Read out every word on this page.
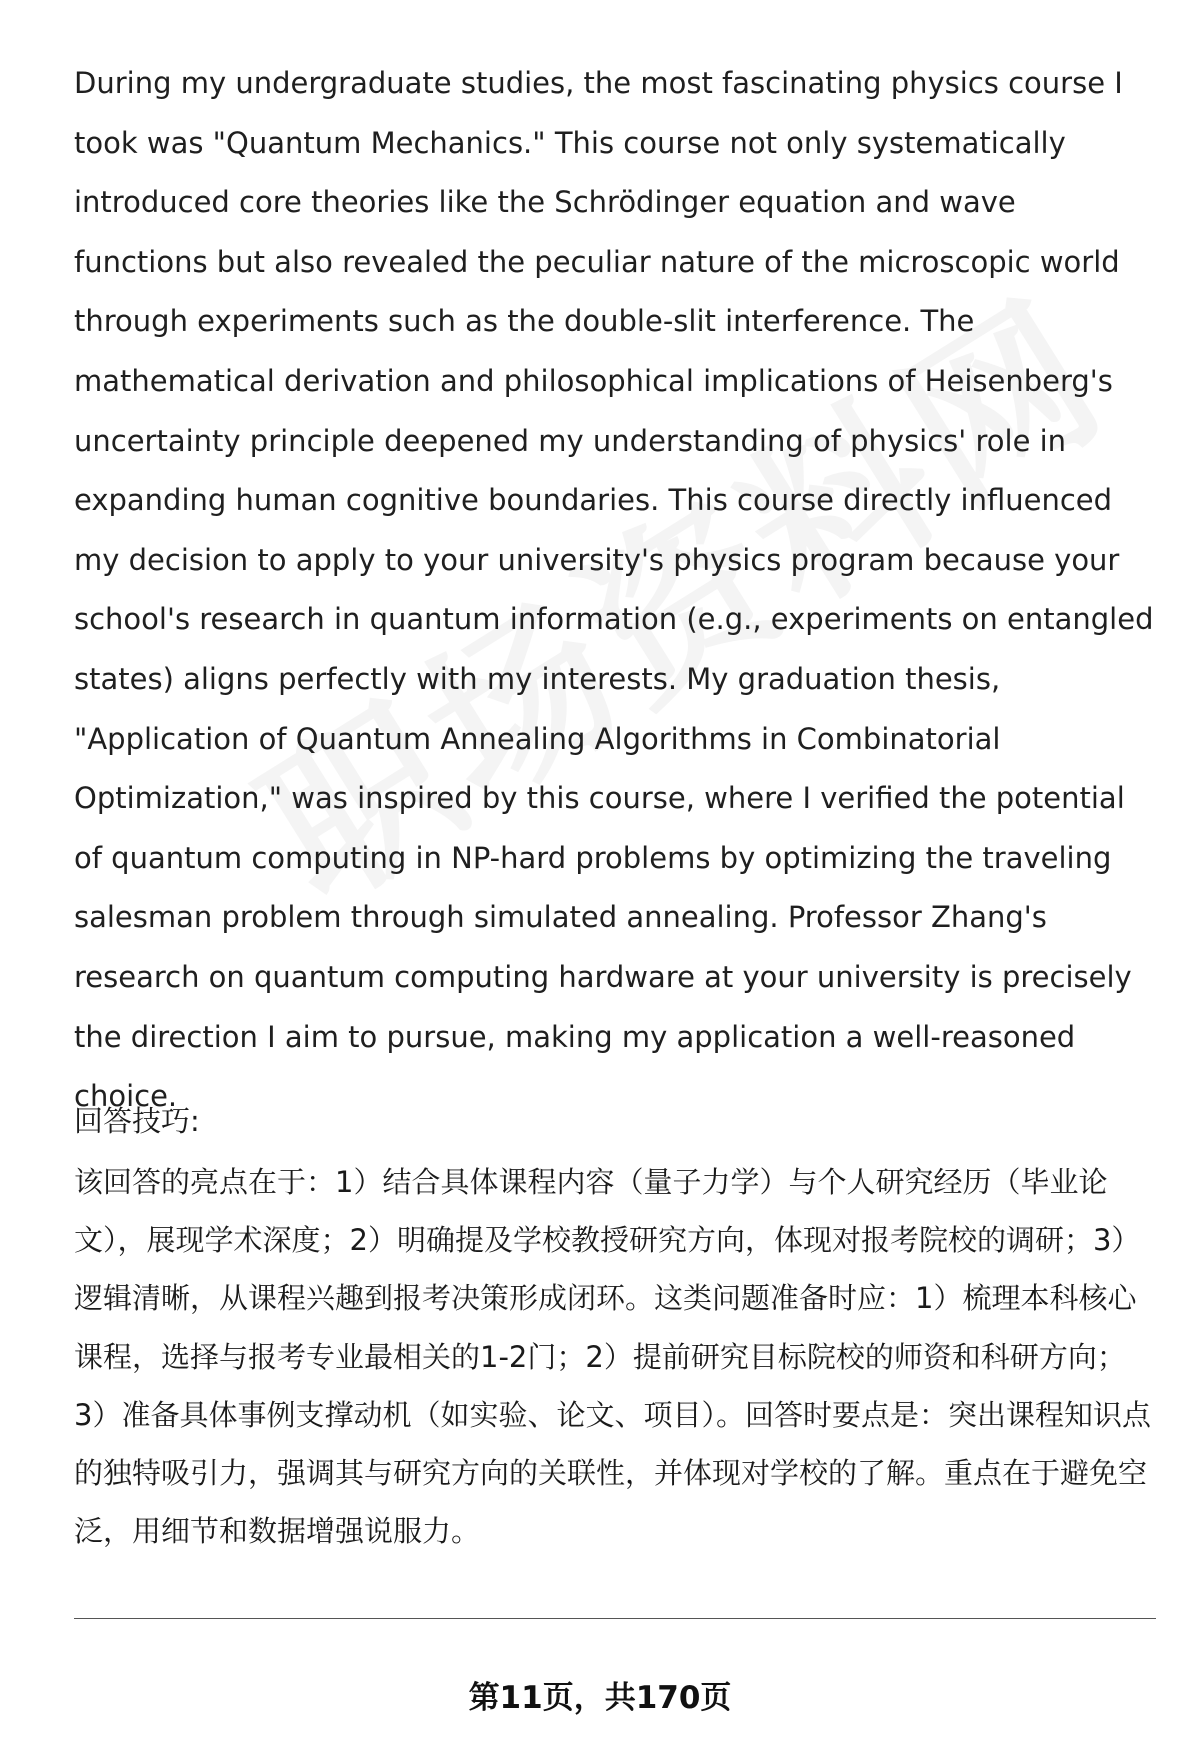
During my undergraduate studies, the most fascinating physics course I took was "Quantum Mechanics." This course not only systematically introduced core theories like the Schrödinger equation and wave functions but also revealed the peculiar nature of the microscopic world through experiments such as the double-slit interference. The mathematical derivation and philosophical implications of Heisenberg's uncertainty principle deepened my understanding of physics' role in expanding human cognitive boundaries. This course directly influenced my decision to apply to your university's physics program because your school's research in quantum information (e.g., experiments on entangled states) aligns perfectly with my interests. My graduation thesis, "Application of Quantum Annealing Algorithms in Combinatorial Optimization," was inspired by this course, where I verified the potential of quantum computing in NP-hard problems by optimizing the traveling salesman problem through simulated annealing. Professor Zhang's research on quantum computing hardware at your university is precisely the direction I aim to pursue, making my application a well-reasoned choice.

回答技巧:

该回答的亮点在于：1）结合具体课程内容（量子力学）与个人研究经历（毕业论文），展现学术深度；2）明确提及学校教授研究方向，体现对报考院校的调研；3）逻辑清晰，从课程兴趣到报考决策形成闭环。这类问题准备时应：1）梳理本科核心课程，选择与报考专业最相关的1-2门；2）提前研究目标院校的师资和科研方向；3）准备具体事例支撑动机（如实验、论文、项目）。回答时要点是：突出课程知识点的独特吸引力，强调其与研究方向的关联性，并体现对学校的了解。重点在于避免空泛，用细节和数据增强说服力。

第11页，共170页
